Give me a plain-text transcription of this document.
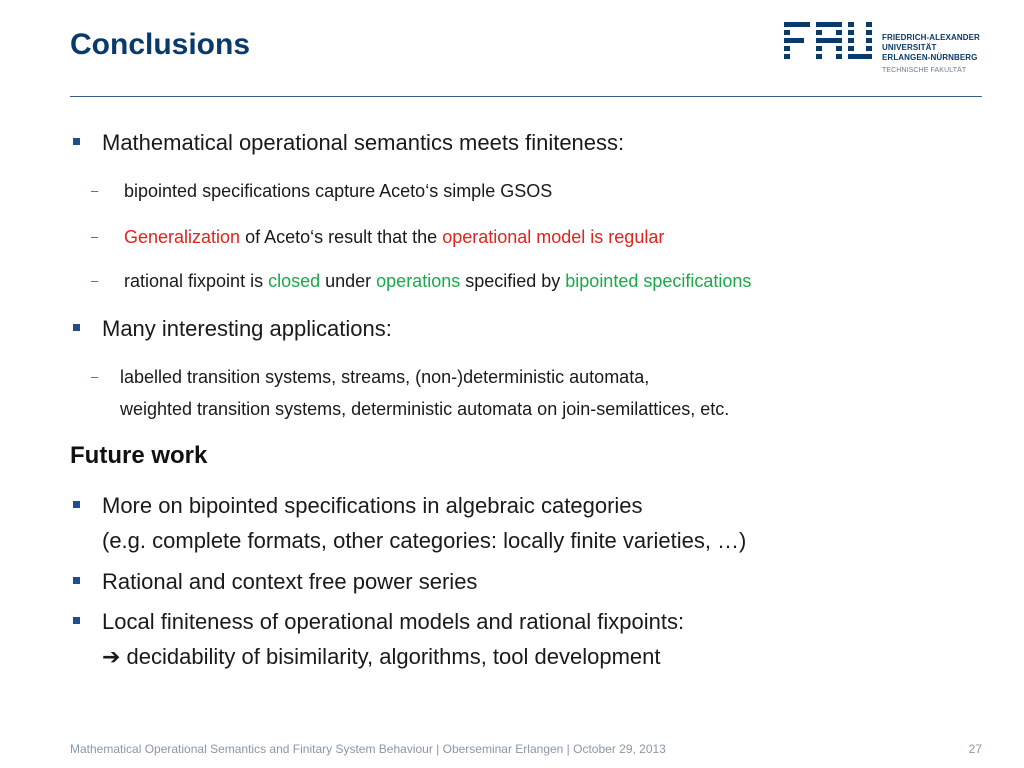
Conclusions	FRIEDRICH-ALEXANDER
UNIVERSITÄT
ERLANGEN-NÜRNBERG
TECHNISCHE FAKULTÄT
Mathematical operational semantics meets finiteness:
– bipointed specifications capture Aceto‘s simple GSOS
– Generalization of Aceto‘s result that the operational model is regular
– rational fixpoint is closed under operations specified by bipointed specifications
Many interesting applications:
– labelled transition systems, streams, (non-)deterministic automata,
weighted transition systems, deterministic automata on join-semilattices, etc.
Future work
More on bipointed specifications in algebraic categories
(e.g. complete formats, other categories: locally finite varieties, …)
Rational and context free power series
Local finiteness of operational models and rational fixpoints:
➔ decidability of bisimilarity, algorithms, tool development
Mathematical Operational Semantics and Finitary System Behaviour | Oberseminar Erlangen | October 29, 2013	27
